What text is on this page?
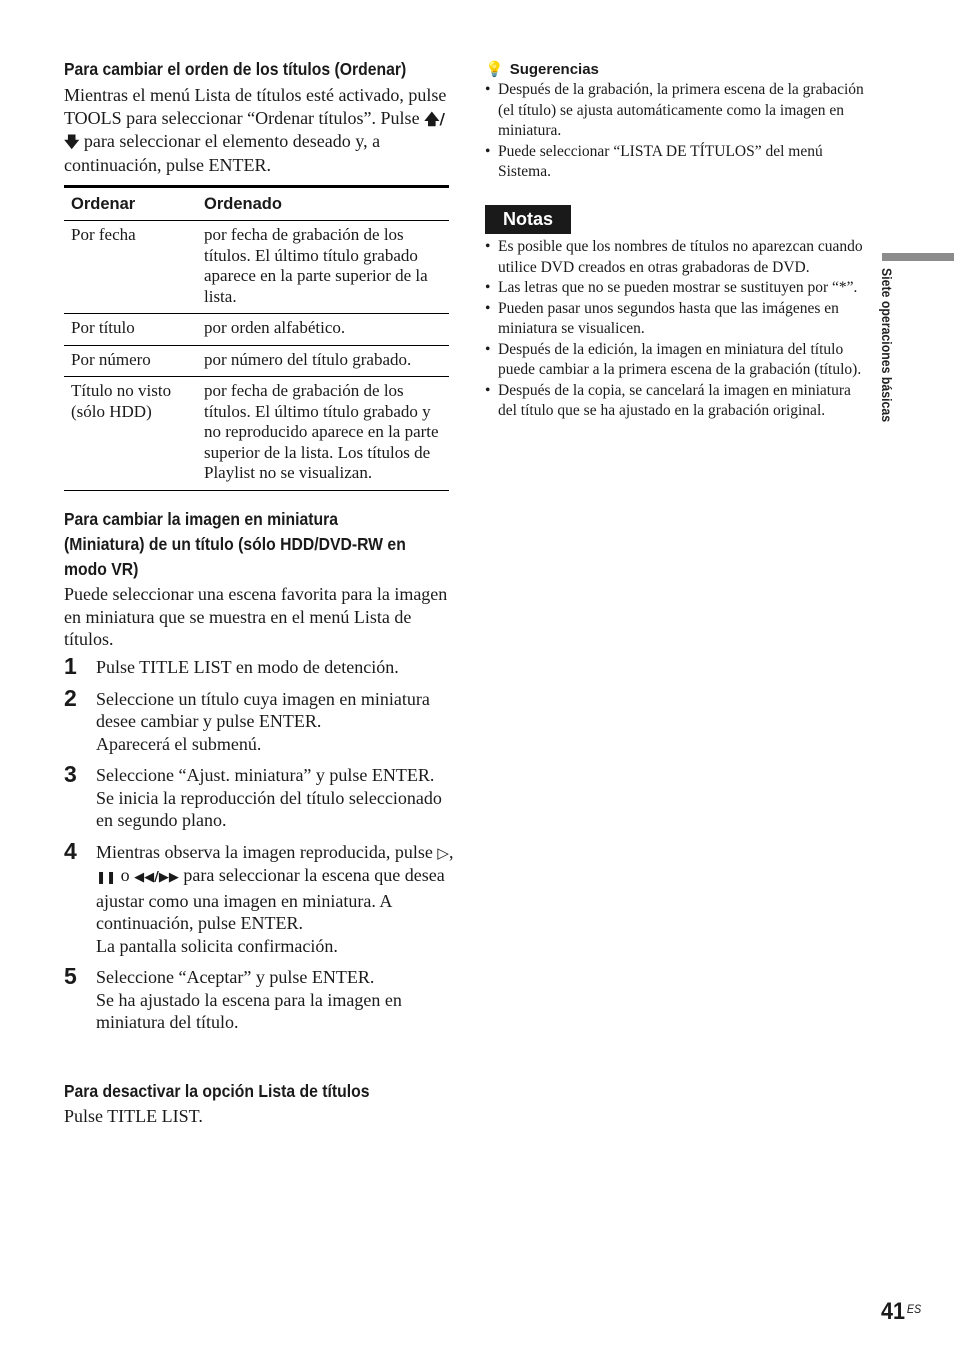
Para cambiar el orden de los títulos (Ordenar)

Mientras el menú Lista de títulos esté activado, pulse TOOLS para seleccionar “Ordenar títulos”. Pulse 🡅/🡇 para seleccionar el elemento deseado y, a continuación, pulse ENTER.

Ordenar	Ordenado
Por fecha	por fecha de grabación de los títulos. El último título grabado aparece en la parte superior de la lista.
Por título	por orden alfabético.
Por número	por número del título grabado.
Título no visto (sólo HDD)	por fecha de grabación de los títulos. El último título grabado y no reproducido aparece en la parte superior de la lista. Los títulos de Playlist no se visualizan.
Para cambiar la imagen en miniatura
(Miniatura) de un título (sólo HDD/DVD-RW en
modo VR)

Puede seleccionar una escena favorita para la imagen en miniatura que se muestra en el menú Lista de títulos.

1 Pulse TITLE LIST en modo de detención.
2 Seleccione un título cuya imagen en miniatura desee cambiar y pulse ENTER.
Aparecerá el submenú.
3 Seleccione “Ajust. miniatura” y pulse ENTER.
Se inicia la reproducción del título seleccionado en segundo plano.
4 Mientras observa la imagen reproducida, pulse ▷, ❚❚ o ◀◀/▶▶ para seleccionar la escena que desea ajustar como una imagen en miniatura. A continuación, pulse ENTER.
La pantalla solicita confirmación.
5 Seleccione “Aceptar” y pulse ENTER.
Se ha ajustado la escena para la imagen en miniatura del título.
Para desactivar la opción Lista de títulos

Pulse TITLE LIST.

💡 Sugerencias
• Después de la grabación, la primera escena de la grabación (el título) se ajusta automáticamente como la imagen en miniatura.
• Puede seleccionar “LISTA DE TÍTULOS” del menú Sistema.
Notas
• Es posible que los nombres de títulos no aparezcan cuando utilice DVD creados en otras grabadoras de DVD.
• Las letras que no se pueden mostrar se sustituyen por “*”.
• Pueden pasar unos segundos hasta que las imágenes en miniatura se visualicen.
• Después de la edición, la imagen en miniatura del título puede cambiar a la primera escena de la grabación (título).
• Después de la copia, se cancelará la imagen en miniatura del título que se ha ajustado en la grabación original.	Siete operaciones básicas
41 $^{ES}$
